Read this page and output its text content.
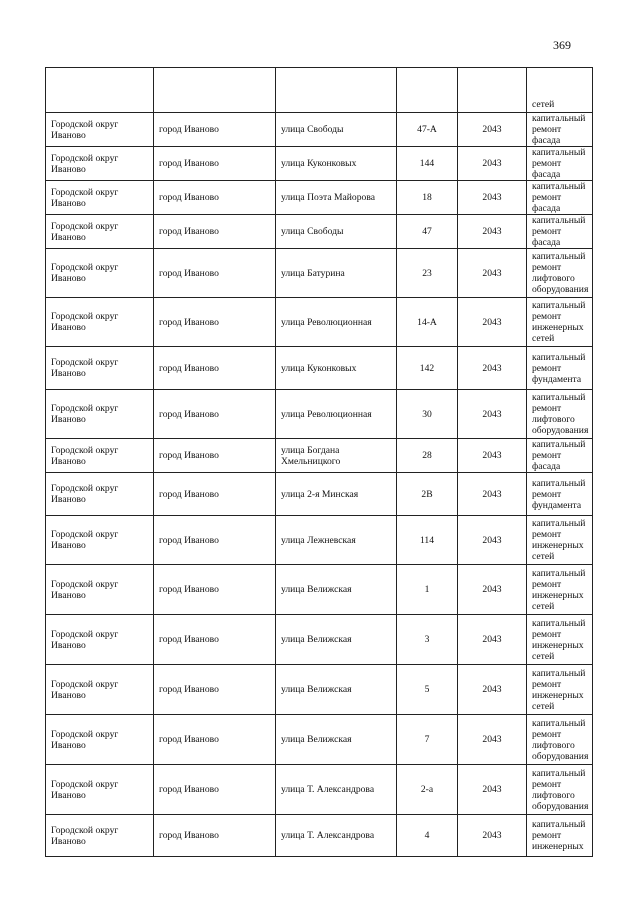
369
					сетей
Городской округ Иваново	город Иваново	улица Свободы	47-А	2043	капитальный ремонт фасада
Городской округ Иваново	город Иваново	улица Куконковых	144	2043	капитальный ремонт фасада
Городской округ Иваново	город Иваново	улица Поэта Майорова	18	2043	капитальный ремонт фасада
Городской округ Иваново	город Иваново	улица Свободы	47	2043	капитальный ремонт фасада
Городской округ Иваново	город Иваново	улица Батурина	23	2043	капитальный ремонт лифтового оборудования
Городской округ Иваново	город Иваново	улица Революционная	14-А	2043	капитальный ремонт инженерных сетей
Городской округ Иваново	город Иваново	улица Куконковых	142	2043	капитальный ремонт фундамента
Городской округ Иваново	город Иваново	улица Революционная	30	2043	капитальный ремонт лифтового оборудования
Городской округ Иваново	город Иваново	улица Богдана Хмельницкого	28	2043	капитальный ремонт фасада
Городской округ Иваново	город Иваново	улица 2-я Минская	2В	2043	капитальный ремонт фундамента
Городской округ Иваново	город Иваново	улица Лежневская	114	2043	капитальный ремонт инженерных сетей
Городской округ Иваново	город Иваново	улица Велижская	1	2043	капитальный ремонт инженерных сетей
Городской округ Иваново	город Иваново	улица Велижская	3	2043	капитальный ремонт инженерных сетей
Городской округ Иваново	город Иваново	улица Велижская	5	2043	капитальный ремонт инженерных сетей
Городской округ Иваново	город Иваново	улица Велижская	7	2043	капитальный ремонт лифтового оборудования
Городской округ Иваново	город Иваново	улица Т. Александрова	2-а	2043	капитальный ремонт лифтового оборудования
Городской округ Иваново	город Иваново	улица Т. Александрова	4	2043	капитальный ремонт инженерных
